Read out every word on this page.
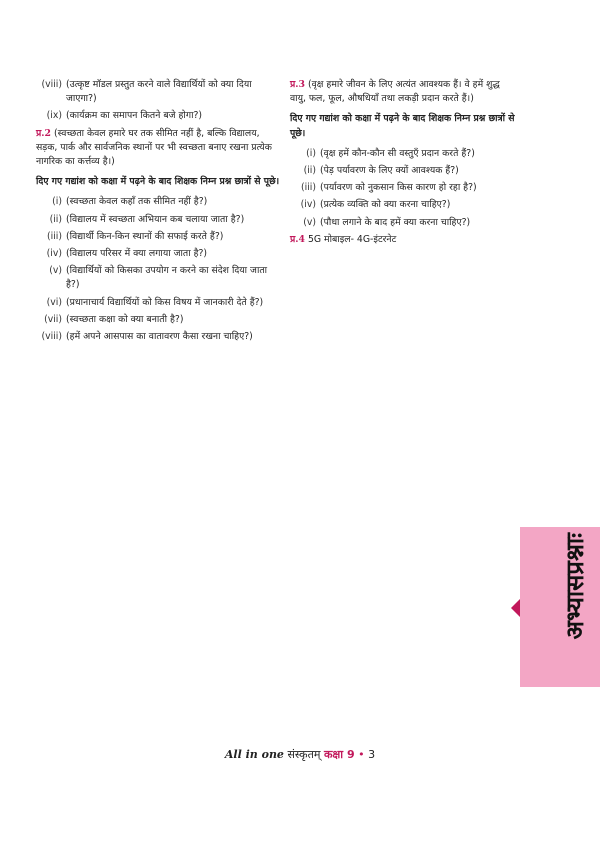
(viii) (उत्कृष्ट मॉडल प्रस्तुत करने वाले विद्यार्थियों को क्या दिया जाएगा?)
(ix) (कार्यक्रम का समापन कितने बजे होगा?)
प्र.2 (स्वच्छता केवल हमारे घर तक सीमित नहीं है, बल्कि विद्यालय, सड़क, पार्क और सार्वजनिक स्थानों पर भी स्वच्छता बनाए रखना प्रत्येक नागरिक का कर्त्तव्य है।)
दिए गए गद्यांश को कक्षा में पढ़ने के बाद शिक्षक निम्न प्रश्न छात्रों से पूछे।
(i) (स्वच्छता केवल कहाँ तक सीमित नहीं है?)
(ii) (विद्यालय में स्वच्छता अभियान कब चलाया जाता है?)
(iii) (विद्यार्थी किन-किन स्थानों की सफाई करते हैं?)
(iv) (विद्यालय परिसर में क्या लगाया जाता है?)
(v) (विद्यार्थियों को किसका उपयोग न करने का संदेश दिया जाता है?)
(vi) (प्रधानाचार्य विद्यार्थियों को किस विषय में जानकारी देते हैं?)
(vii) (स्वच्छता कक्षा को क्या बनाती है?)
(viii) (हमें अपने आसपास का वातावरण कैसा रखना चाहिए?)
प्र.3 (वृक्ष हमारे जीवन के लिए अत्यंत आवश्यक हैं। वे हमें शुद्ध वायु, फल, फूल, औषधियाँ तथा लकड़ी प्रदान करते हैं।)
दिए गए गद्यांश को कक्षा में पढ़ने के बाद शिक्षक निम्न प्रश्न छात्रों से पूछे।
(i) (वृक्ष हमें कौन-कौन सी वस्तुएँ प्रदान करते हैं?)
(ii) (पेड़ पर्यावरण के लिए क्यों आवश्यक हैं?)
(iii) (पर्यावरण को नुकसान किस कारण हो रहा है?)
(iv) (प्रत्येक व्यक्ति को क्या करना चाहिए?)
(v) (पौधा लगाने के बाद हमें क्या करना चाहिए?)
प्र.4 5G मोबाइल- 4G-इंटरनेट
अभ्यासप्रश्नाः
All in one संस्कृतम् कक्षा 9 • 3
